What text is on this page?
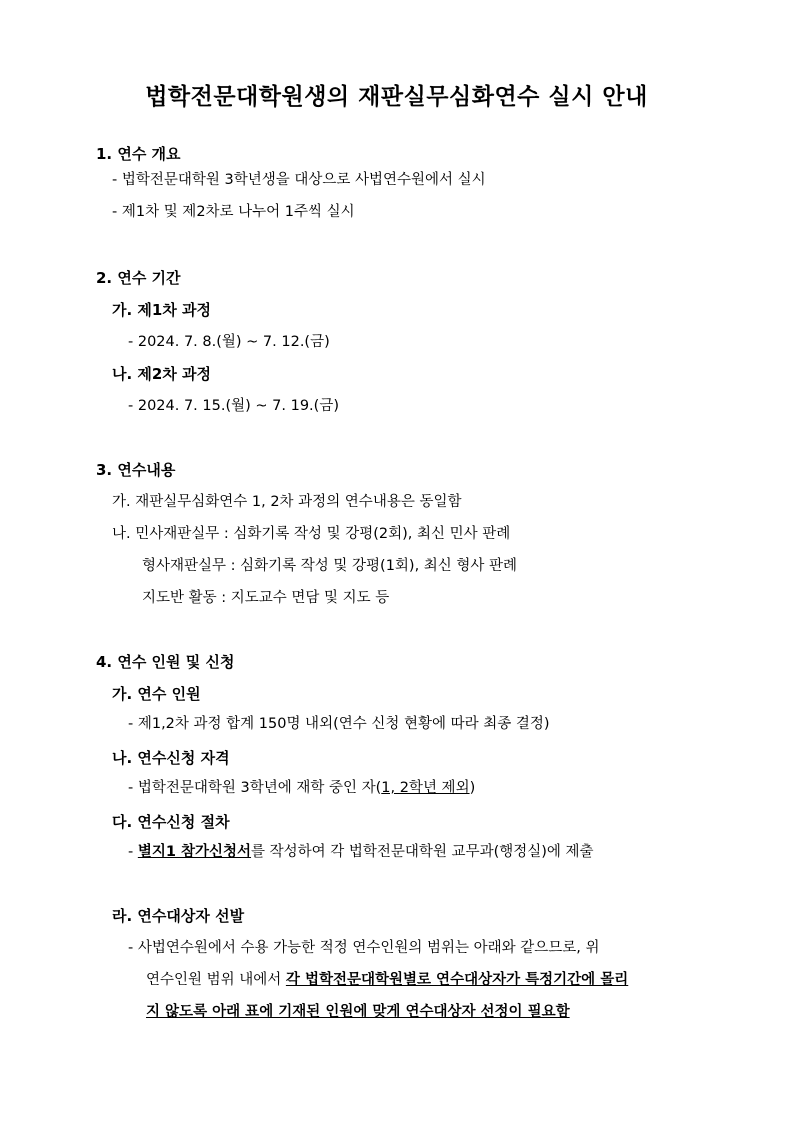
법학전문대학원생의 재판실무심화연수 실시 안내
1. 연수 개요
- 법학전문대학원 3학년생을 대상으로 사법연수원에서 실시
- 제1차 및 제2차로 나누어 1주씩 실시
2. 연수 기간
가. 제1차 과정
- 2024. 7. 8.(월) ~ 7. 12.(금)
나. 제2차 과정
- 2024. 7. 15.(월) ~ 7. 19.(금)
3. 연수내용
가. 재판실무심화연수 1, 2차 과정의 연수내용은 동일함
나. 민사재판실무 : 심화기록 작성 및 강평(2회), 최신 민사 판례
형사재판실무 : 심화기록 작성 및 강평(1회), 최신 형사 판례
지도반 활동 : 지도교수 면담 및 지도 등
4. 연수 인원 및 신청
가. 연수 인원
- 제1,2차 과정 합계 150명 내외(연수 신청 현황에 따라 최종 결정)
나. 연수신청 자격
- 법학전문대학원 3학년에 재학 중인 자(1, 2학년 제외)
다. 연수신청 절차
- 별지1 참가신청서를 작성하여 각 법학전문대학원 교무과(행정실)에 제출
라. 연수대상자 선발
- 사법연수원에서 수용 가능한 적정 연수인원의 범위는 아래와 같으므로, 위
연수인원 범위 내에서 각 법학전문대학원별로 연수대상자가 특정기간에 몰리
지 않도록 아래 표에 기재된 인원에 맞게 연수대상자 선정이 필요함
